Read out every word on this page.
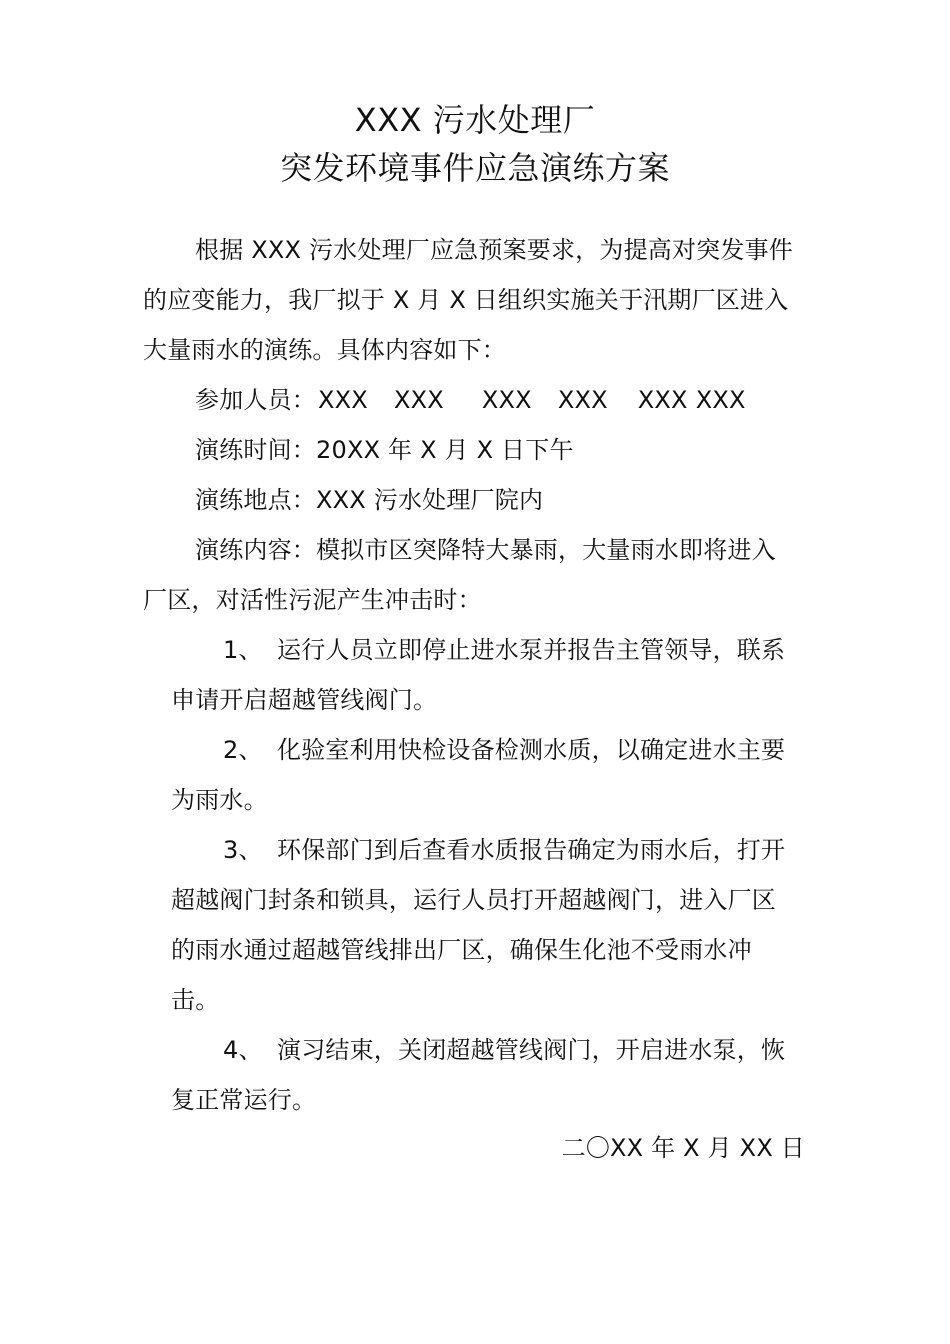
XXX 污水处理厂
突发环境事件应急演练方案
根据 XXX 污水处理厂应急预案要求，为提高对突发事件
的应变能力，我厂拟于 X 月 X 日组织实施关于汛期厂区进入
大量雨水的演练。具体内容如下：
参加人员：XXX XXX XXX XXX XXX XXX
演练时间：20XX 年 X 月 X 日下午
演练地点：XXX 污水处理厂院内
演练内容：模拟市区突降特大暴雨，大量雨水即将进入
厂区，对活性污泥产生冲击时：
1、 运行人员立即停止进水泵并报告主管领导，联系
申请开启超越管线阀门。
2、 化验室利用快检设备检测水质，以确定进水主要
为雨水。
3、 环保部门到后查看水质报告确定为雨水后，打开
超越阀门封条和锁具，运行人员打开超越阀门，进入厂区
的雨水通过超越管线排出厂区，确保生化池不受雨水冲
击。
4、 演习结束，关闭超越管线阀门，开启进水泵，恢
复正常运行。
二〇XX 年 X 月 XX 日
